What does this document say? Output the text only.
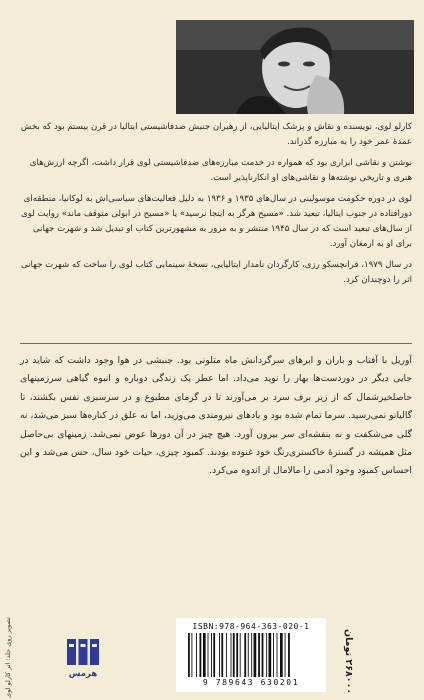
کارلو لوی، نویسنده و نقاش و پزشک ایتالیایی، از رهبران جنبش ضدفاشیستی ایتالیا در قرن بیستم بود که بخش عمدهٔ عمر خود را به مبارزه گذراند.

نوشتن و نقاشی ابزاری بود که همواره در خدمت مبارزه‌های ضدفاشیستی لوی قرار داشت، اگرچه ارزش‌های هنری و تاریخی نوشته‌ها و نقاشی‌های او انکارناپذیر است.

لوی در دوره حکومت موسولینی در سال‌های ۱۹۳۵ و ۱۹۳۶ به دلیل فعالیت‌های سیاسی‌اش به لوکانیا، منطقه‌ای دورافتاده در جنوب ایتالیا، تبعید شد. «مسیح هرگز به اینجا نرسید» یا «مسیح در ابولی متوقف ماند» روایت لوی از سال‌های تبعید است که در سال ۱۹۴۵ منتشر و به مرور به مشهورترین کتاب او تبدیل شد و شهرت جهانی برای او به ارمغان آورد.

در سال ۱۹۷۹، فرانچسکو رزی، کارگردان نامدار ایتالیایی، نسخهٔ سینمایی کتاب لوی را ساخت که شهرت جهانی اثر را دوچندان کرد.

آوریل با آفتاب و باران و ابرهای سرگردانش ماه متلونی بود. جنبشی در هوا وجود داشت که شاید در جایی دیگر در دوردست‌ها بهار را نوید می‌داد. اما عطر یک زندگی دوباره و انبوه گیاهی سرزمینهای حاصلخیزشمال که از زیر برف سرد بر می‌آورند تا در گرمای مطبوع و در سرسبزی نفس بکشند، تا گالیانو نمی‌رسید. سرما تمام شده بود و بادهای نیرومندی می‌وزید، اما نه علق در کناره‌ها سبز می‌شد، نه گلی می‌شکفت و نه بنفشه‌ای سر بیرون آورد. هیچ چیز در آن دورها عوض نمی‌شد. زمینهای بی‌حاصل مثل همیشه در گسترهٔ خاکستری‌رنگ خود غنوده بودند. کمبود چیزی، حیات خود سال، حس می‌شد و این احساس کمبود وجود آدمی را مالامال از اندوه می‌کرد.
تصویر روی جلد: اثر کارلو لوی	هرمس
ISBN:978-964-363-020-1
9 789643 630201
۲۶۸۰۰۰ تومان
